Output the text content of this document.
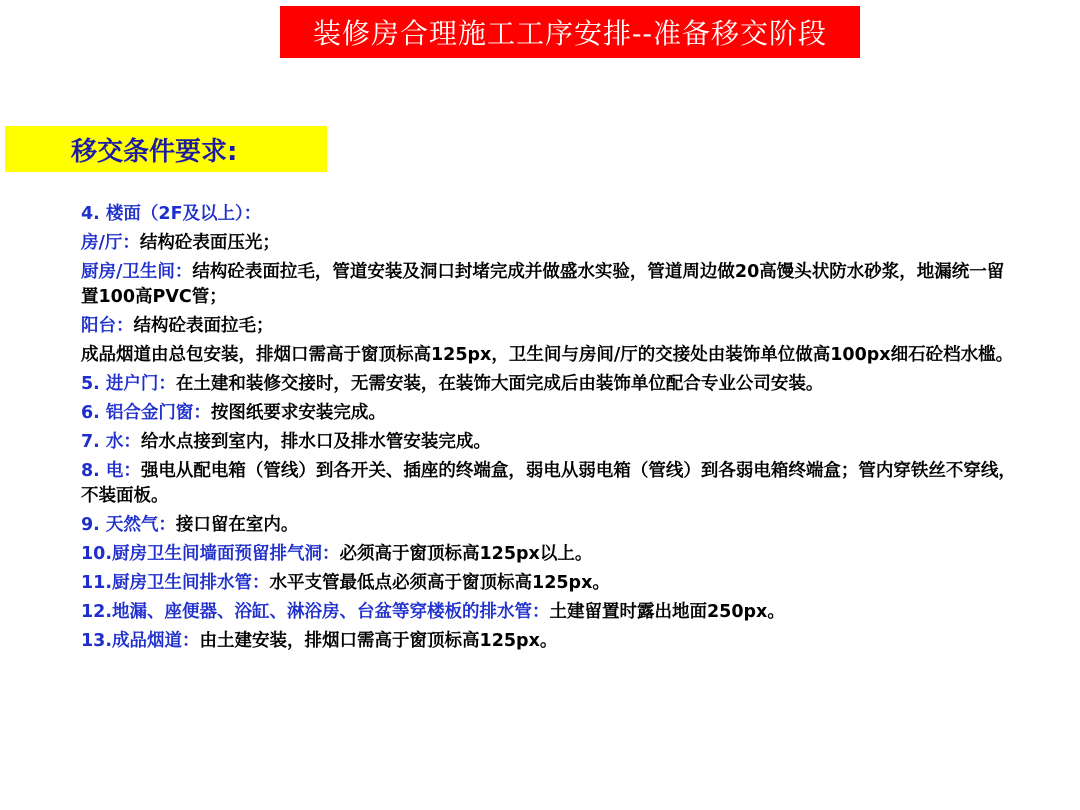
装修房合理施工工序安排--准备移交阶段
移交条件要求:
4. 楼面（2F及以上）：
房/厅：结构砼表面压光；
厨房/卫生间：结构砼表面拉毛，管道安装及洞口封堵完成并做盛水实验，管道周边做20高馒头状防水砂浆，地漏统一留置100高PVC管；
阳台：结构砼表面拉毛；
成品烟道由总包安装，排烟口需高于窗顶标高125px，卫生间与房间/厅的交接处由装饰单位做高100px细石砼档水槛。
5. 进户门：在土建和装修交接时，无需安装，在装饰大面完成后由装饰单位配合专业公司安装。
6. 铝合金门窗：按图纸要求安装完成。
7. 水：给水点接到室内，排水口及排水管安装完成。
8. 电：强电从配电箱（管线）到各开关、插座的终端盒，弱电从弱电箱（管线）到各弱电箱终端盒；管内穿铁丝不穿线，不装面板。
9. 天然气：接口留在室内。
10.厨房卫生间墙面预留排气洞：必须高于窗顶标高125px以上。
11.厨房卫生间排水管：水平支管最低点必须高于窗顶标高125px。
12.地漏、座便器、浴缸、淋浴房、台盆等穿楼板的排水管：土建留置时露出地面250px。
13.成品烟道：由土建安装，排烟口需高于窗顶标高125px。
